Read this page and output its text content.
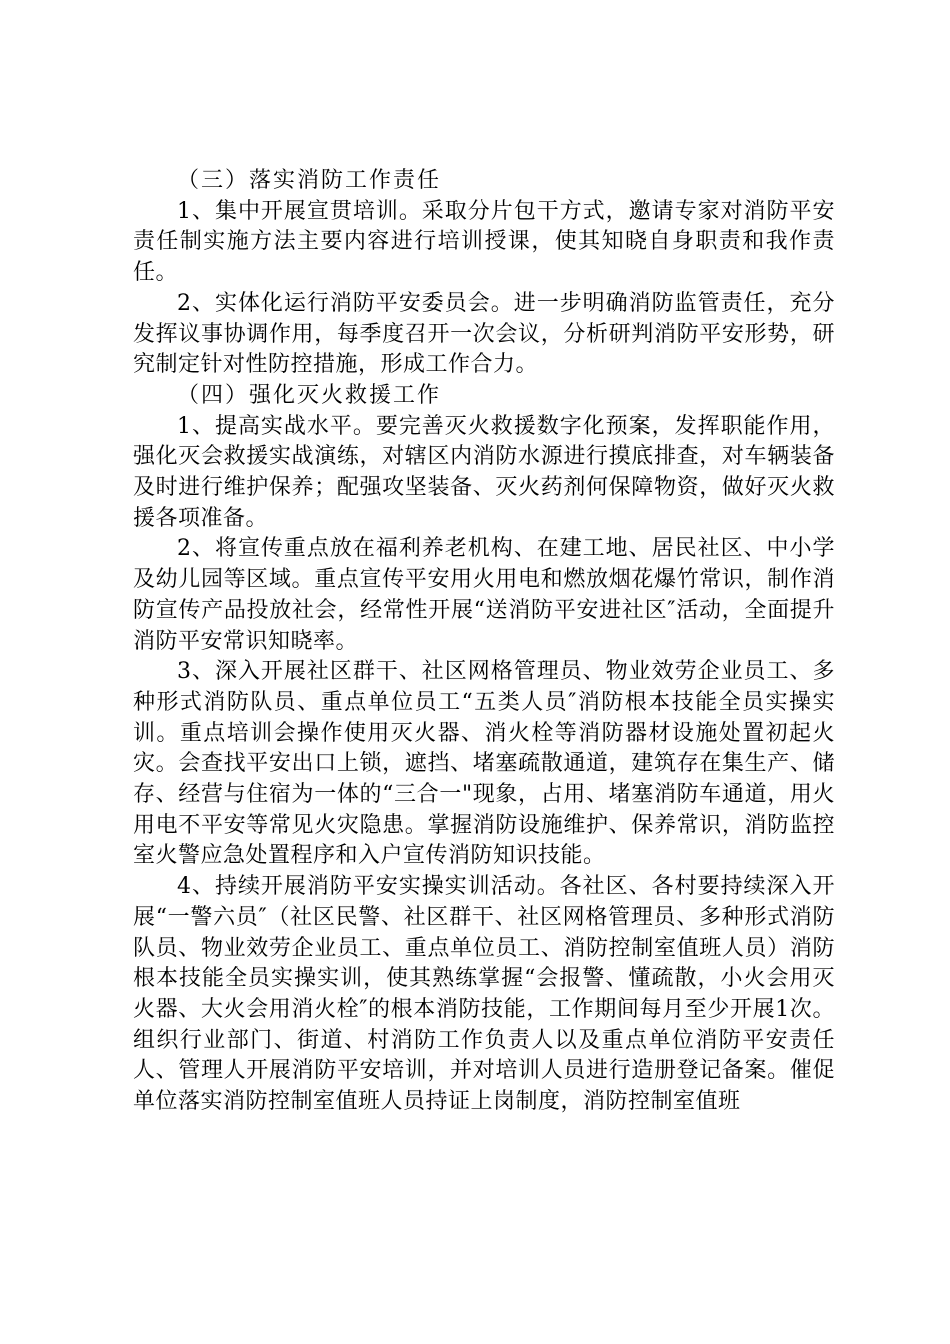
（三）落实消防工作责任

1、集中开展宣贯培训。采取分片包干方式，邀请专家对消防平安责任制实施方法主要内容进行培训授课，使其知晓自身职责和我作责任。

2、实体化运行消防平安委员会。进一步明确消防监管责任，充分发挥议事协调作用，每季度召开一次会议，分析研判消防平安形势，研究制定针对性防控措施，形成工作合力。

（四）强化灭火救援工作

1、提高实战水平。要完善灭火救援数字化预案，发挥职能作用，强化灭会救援实战演练，对辖区内消防水源进行摸底排查，对车辆装备及时进行维护保养；配强攻坚装备、灭火药剂何保障物资，做好灭火救援各项准备。

2、将宣传重点放在福利养老机构、在建工地、居民社区、中小学及幼儿园等区域。重点宣传平安用火用电和燃放烟花爆竹常识，制作消防宣传产品投放社会，经常性开展“送消防平安进社区″活动，全面提升消防平安常识知晓率。

3、深入开展社区群干、社区网格管理员、物业效劳企业员工、多种形式消防队员、重点单位员工“五类人员″消防根本技能全员实操实训。重点培训会操作使用灭火器、消火栓等消防器材设施处置初起火灾。会查找平安出口上锁，遮挡、堵塞疏散通道，建筑存在集生产、储存、经营与住宿为一体的“三合一"现象，占用、堵塞消防车通道，用火用电不平安等常见火灾隐患。掌握消防设施维护、保养常识，消防监控室火警应急处置程序和入户宣传消防知识技能。

4、持续开展消防平安实操实训活动。各社区、各村要持续深入开展“一警六员″（社区民警、社区群干、社区网格管理员、多种形式消防队员、物业效劳企业员工、重点单位员工、消防控制室值班人员）消防根本技能全员实操实训，使其熟练掌握“会报警、懂疏散，小火会用灭火器、大火会用消火栓″的根本消防技能，工作期间每月至少开展1次。组织行业部门、街道、村消防工作负责人以及重点单位消防平安责任人、管理人开展消防平安培训，并对培训人员进行造册登记备案。催促单位落实消防控制室值班人员持证上岗制度，消防控制室值班
